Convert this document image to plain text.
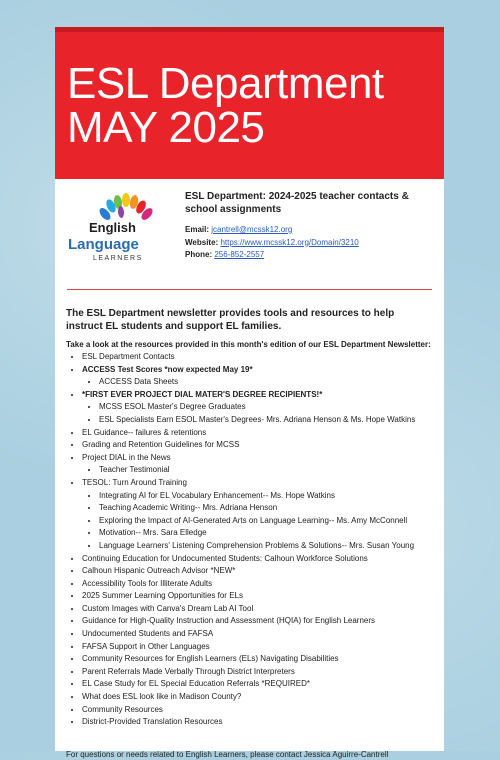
ESL Department
MAY 2025
English
Language
LEARNERS
ESL Department: 2024-2025 teacher contacts & school assignments
Email: jcantrell@mcssk12.org
Website: https://www.mcssk12.org/Domain/3210
Phone: 256-852-2557

The ESL Department newsletter provides tools and resources to help instruct EL students and support EL families.

Take a look at the resources provided in this month's edition of our ESL Department Newsletter:

• ESL Department Contacts
• ACCESS Test Scores *now expected May 19*
• ACCESS Data Sheets
• *FIRST EVER PROJECT DIAL MATER'S DEGREE RECIPIENTS!*
• MCSS ESOL Master's Degree Graduates
• ESL Specialists Earn ESOL Master's Degrees- Mrs. Adriana Henson & Ms. Hope Watkins
• EL Guidance-- failures & retentions
• Grading and Retention Guidelines for MCSS
• Project DIAL in the News
• Teacher Testimonial
• TESOL: Turn Around Training
• Integrating AI for EL Vocabulary Enhancement-- Ms. Hope Watkins
• Teaching Academic Writing-- Mrs. Adriana Henson
• Exploring the Impact of AI-Generated Arts on Language Learning-- Ms. Amy McConnell
• Motivation-- Mrs. Sara Elledge
• Language Learners' Listening Comprehension Problems & Solutions-- Mrs. Susan Young
• Continuing Education for Undocumented Students: Calhoun Workforce Solutions
• Calhoun Hispanic Outreach Advisor *NEW*
• Accessibility Tools for Illiterate Adults
• 2025 Summer Learning Opportunities for ELs
• Custom Images with Canva's Dream Lab AI Tool
• Guidance for High-Quality Instruction and Assessment (HQIA) for English Learners
• Undocumented Students and FAFSA
• FAFSA Support in Other Languages
• Community Resources for English Learners (ELs) Navigating Disabilities
• Parent Referrals Made Verbally Through District Interpreters
• EL Case Study for EL Special Education Referrals *REQUIRED*
• What does ESL look like in Madison County?
• Community Resources
• District-Provided Translation Resources

For questions or needs related to English Learners, please contact Jessica Aguirre-Cantrell
